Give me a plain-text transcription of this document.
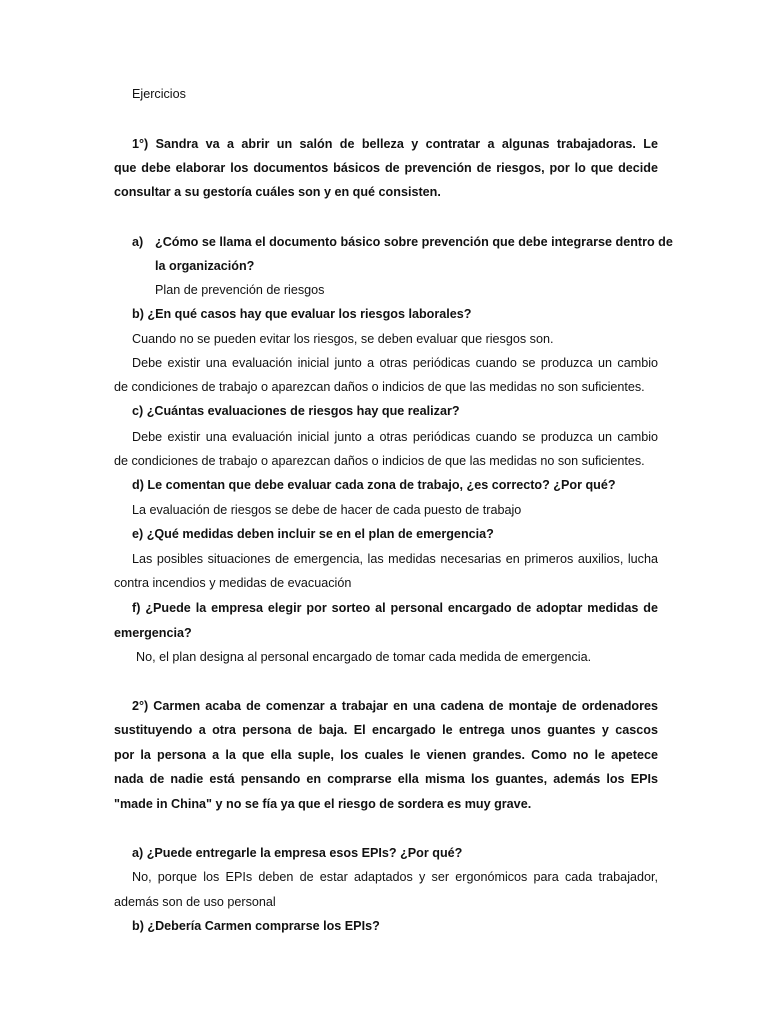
Ejercicios
1°) Sandra va a abrir un salón de belleza y contratar a algunas trabajadoras. Le
que debe elaborar los documentos básicos de prevención de riesgos, por lo que decide
consultar a su gestoría cuáles son y en qué consisten.
a) ¿Cómo se llama el documento básico sobre prevención que debe integrarse dentro de
la organización?
Plan de prevención de riesgos
b) ¿En qué casos hay que evaluar los riesgos laborales?
Cuando no se pueden evitar los riesgos, se deben evaluar que riesgos son.
Debe existir una evaluación inicial junto a otras periódicas cuando se produzca un cambio
de condiciones de trabajo o aparezcan daños o indicios de que las medidas no son suficientes.
c) ¿Cuántas evaluaciones de riesgos hay que realizar?
Debe existir una evaluación inicial junto a otras periódicas cuando se produzca un cambio
de condiciones de trabajo o aparezcan daños o indicios de que las medidas no son suficientes.
d) Le comentan que debe evaluar cada zona de trabajo, ¿es correcto? ¿Por qué?
La evaluación de riesgos se debe de hacer de cada puesto de trabajo
e) ¿Qué medidas deben incluir se en el plan de emergencia?
Las posibles situaciones de emergencia, las medidas necesarias en primeros auxilios, lucha
contra incendios y medidas de evacuación
f) ¿Puede la empresa elegir por sorteo al personal encargado de adoptar medidas de
emergencia?
No, el plan designa al personal encargado de tomar cada medida de emergencia.
2°) Carmen acaba de comenzar a trabajar en una cadena de montaje de ordenadores
sustituyendo a otra persona de baja. El encargado le entrega unos guantes y cascos
por la persona a la que ella suple, los cuales le vienen grandes. Como no le apetece
nada de nadie está pensando en comprarse ella misma los guantes, además los EPIs
"made in China" y no se fía ya que el riesgo de sordera es muy grave.
a) ¿Puede entregarle la empresa esos EPIs? ¿Por qué?
No, porque los EPIs deben de estar adaptados y ser ergonómicos para cada trabajador,
además son de uso personal
b) ¿Debería Carmen comprarse los EPIs?
